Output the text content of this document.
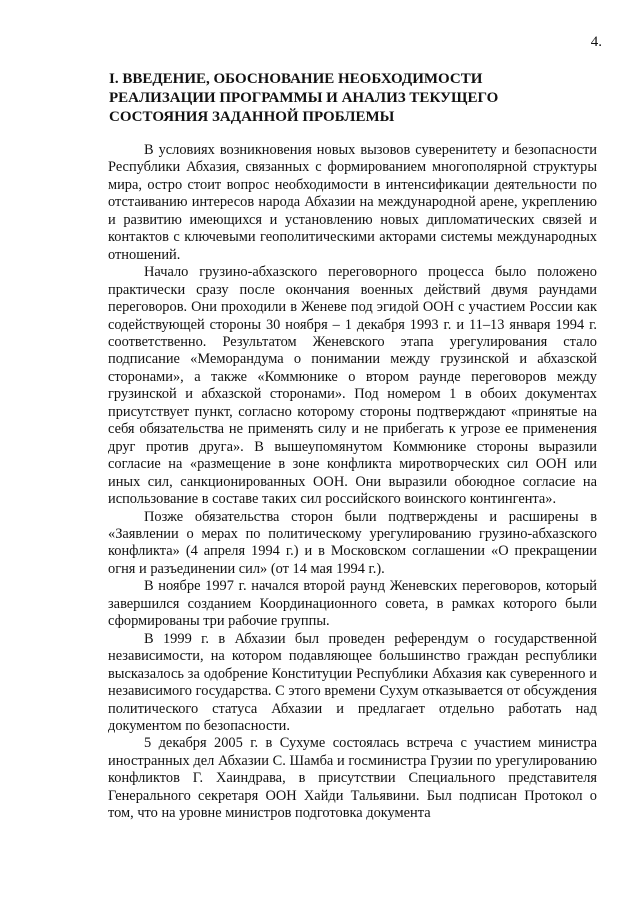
4.
I. ВВЕДЕНИЕ, ОБОСНОВАНИЕ НЕОБХОДИМОСТИ
РЕАЛИЗАЦИИ ПРОГРАММЫ И АНАЛИЗ ТЕКУЩЕГО
СОСТОЯНИЯ ЗАДАННОЙ ПРОБЛЕМЫ

В условиях возникновения новых вызовов суверенитету и безопасности Республики Абхазия, связанных с формированием многополярной структуры мира, остро стоит вопрос необходимости в интенсификации деятельности по отстаиванию интересов народа Абхазии на международной арене, укреплению и развитию имеющихся и установлению новых дипломатических связей и контактов с ключевыми геополитическими акторами системы международных отношений.

Начало грузино-абхазского переговорного процесса было положено практически сразу после окончания военных действий двумя раундами переговоров. Они проходили в Женеве под эгидой ООН с участием России как содействующей стороны 30 ноября – 1 декабря 1993 г. и 11–13 января 1994 г. соответственно. Результатом Женевского этапа урегулирования стало подписание «Меморандума о понимании между грузинской и абхазской сторонами», а также «Коммюнике о втором раунде переговоров между грузинской и абхазской сторонами». Под номером 1 в обоих документах присутствует пункт, согласно которому стороны подтверждают «принятые на себя обязательства не применять силу и не прибегать к угрозе ее применения друг против друга». В вышеупомянутом Коммюнике стороны выразили согласие на «размещение в зоне конфликта миротворческих сил ООН или иных сил, санкционированных ООН. Они выразили обоюдное согласие на использование в составе таких сил российского воинского контингента».

Позже обязательства сторон были подтверждены и расширены в «Заявлении о мерах по политическому урегулированию грузино-абхазского конфликта» (4 апреля 1994 г.) и в Московском соглашении «О прекращении огня и разъединении сил» (от 14 мая 1994 г.).

В ноябре 1997 г. начался второй раунд Женевских переговоров, который завершился созданием Координационного совета, в рамках которого были сформированы три рабочие группы.

В 1999 г. в Абхазии был проведен референдум о государственной независимости, на котором подавляющее большинство граждан республики высказалось за одобрение Конституции Республики Абхазия как суверенного и независимого государства. С этого времени Сухум отказывается от обсуждения политического статуса Абхазии и предлагает отдельно работать над документом по безопасности.

5 декабря 2005 г. в Сухуме состоялась встреча с участием министра иностранных дел Абхазии С. Шамба и госминистра Грузии по урегулированию конфликтов Г. Хаиндрава, в присутствии Специального представителя Генерального секретаря ООН Хайди Тальявини. Был подписан Протокол о том, что на уровне министров подготовка документа
